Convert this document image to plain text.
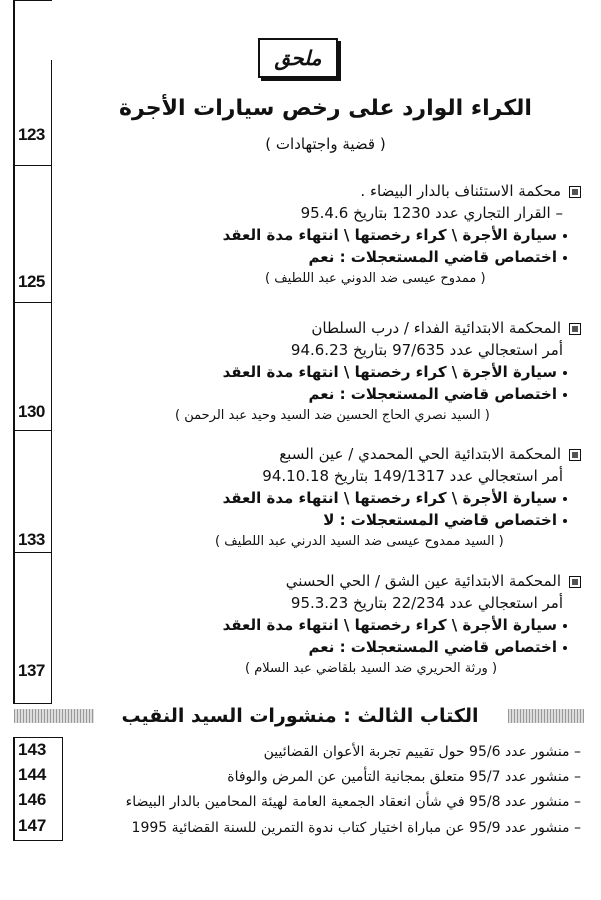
123
125
130
133
137
ملحق
الكراء الوارد على رخص سيارات الأجرة
( قضية واجتهادات )
محكمة الاستئناف بالدار البيضاء .
– القرار التجاري عدد 1230 بتاريخ 95.4.6
سيارة الأجرة \ كراء رخصتها \ انتهاء مدة العقد
اختصاص قاضي المستعجلات : نعم
( ممدوح عيسى ضد الدوني عبد اللطيف )
المحكمة الابتدائية الفداء / درب السلطان
أمر استعجالي عدد 97/635 بتاريخ 94.6.23
سيارة الأجرة \ كراء رخصتها \ انتهاء مدة العقد
اختصاص قاضي المستعجلات : نعم
( السيد نصري الحاج الحسين ضد السيد وحيد عبد الرحمن )
المحكمة الابتدائية الحي المحمدي / عين السبع
أمر استعجالي عدد 149/1317 بتاريخ 94.10.18
سيارة الأجرة \ كراء رخصتها \ انتهاء مدة العقد
اختصاص قاضي المستعجلات : لا
( السيد ممدوح عيسى ضد السيد الدرني عبد اللطيف )
المحكمة الابتدائية عين الشق / الحي الحسني
أمر استعجالي عدد 22/234 بتاريخ 95.3.23
سيارة الأجرة \ كراء رخصتها \ انتهاء مدة العقد
اختصاص قاضي المستعجلات : نعم
( ورثة الحريري ضد السيد بلقاضي عبد السلام )
الكتاب الثالث : منشورات السيد النقيب
143
144
146
147
– منشور عدد 95/6 حول تقييم تجربة الأعوان القضائيين
– منشور عدد 95/7 متعلق بمجانية التأمين عن المرض والوفاة
– منشور عدد 95/8 في شأن انعقاد الجمعية العامة لهيئة المحامين بالدار البيضاء
– منشور عدد 95/9 عن مباراة اختيار كتاب ندوة التمرين للسنة القضائية 1995
